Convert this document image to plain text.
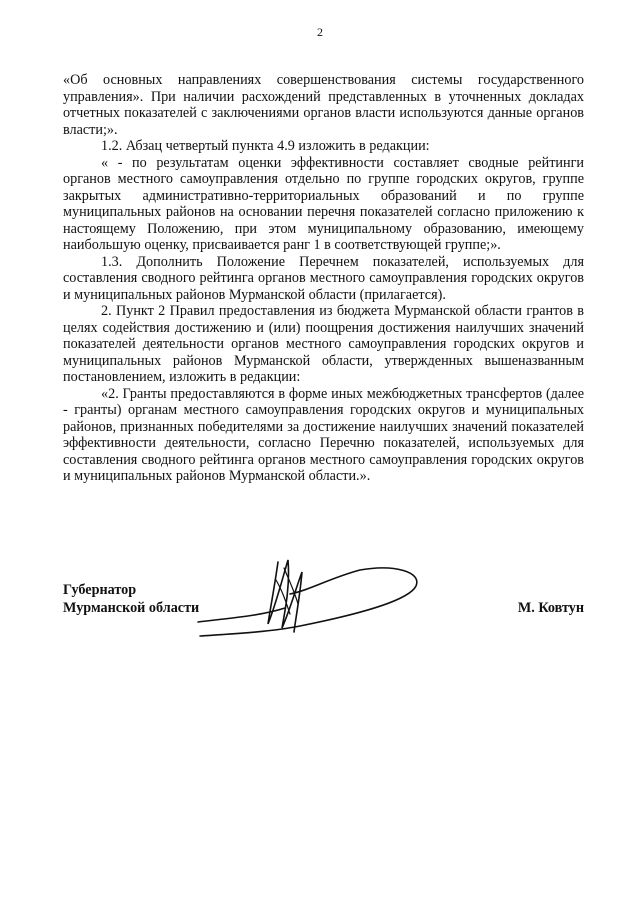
2

«Об основных направлениях совершенствования системы государственного управления». При наличии расхождений представленных в уточненных докладах отчетных показателей с заключениями органов власти используются данные органов власти;».

1.2. Абзац четвертый пункта 4.9 изложить в редакции:

« - по результатам оценки эффективности составляет сводные рейтинги органов местного самоуправления отдельно по группе городских округов, группе закрытых административно-территориальных образований и по группе муниципальных районов на основании перечня показателей согласно приложению к настоящему Положению, при этом муниципальному образованию, имеющему наибольшую оценку, присваивается ранг 1 в соответствующей группе;».

1.3. Дополнить Положение Перечнем показателей, используемых для составления сводного рейтинга органов местного самоуправления городских округов и муниципальных районов Мурманской области (прилагается).

2. Пункт 2 Правил предоставления из бюджета Мурманской области грантов в целях содействия достижению и (или) поощрения достижения наилучших значений показателей деятельности органов местного самоуправления городских округов и муниципальных районов Мурманской области, утвержденных вышеназванным постановлением, изложить в редакции:

«2. Гранты предоставляются в форме иных межбюджетных трансфертов (далее - гранты) органам местного самоуправления городских округов и муниципальных районов, признанных победителями за достижение наилучших значений показателей эффективности деятельности, согласно Перечню показателей, используемых для составления сводного рейтинга органов местного самоуправления городских округов и муниципальных районов Мурманской области.».

Губернатор
Мурманской области	М. Ковтун
